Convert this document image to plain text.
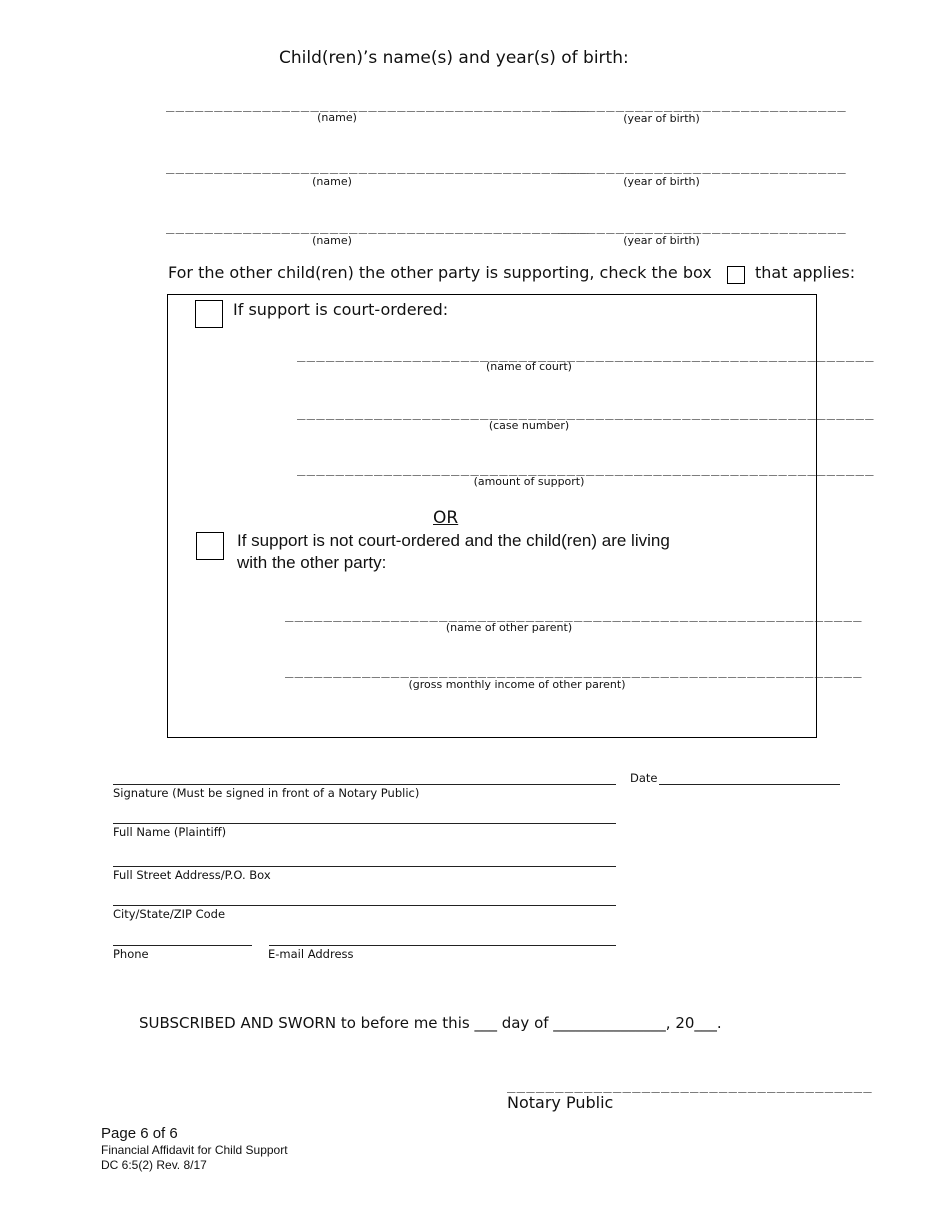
Child(ren)’s name(s) and year(s) of birth:
____________________________________________
(name)
______________________________
(year of birth)
____________________________________________
(name)
______________________________
(year of birth)
____________________________________________
(name)
______________________________
(year of birth)
For the other child(ren) the other party is supporting, check the box	that applies:
If support is court-ordered:
____________________________________________________________
(name of court)
____________________________________________________________
(case number)
____________________________________________________________
(amount of support)
OR
If support is not court-ordered and the child(ren) are living
with the other party:
____________________________________________________________
(name of other parent)
____________________________________________________________
(gross monthly income of other parent)
Signature (Must be signed in front of a Notary Public)
Date
Full Name (Plaintiff)
Full Street Address/P.O. Box
City/State/ZIP Code
Phone	E-mail Address
SUBSCRIBED AND SWORN to before me this ___ day of _______________, 20___.
______________________________________
Notary Public
Page 6 of 6
Financial Affidavit for Child Support
DC 6:5(2) Rev. 8/17
